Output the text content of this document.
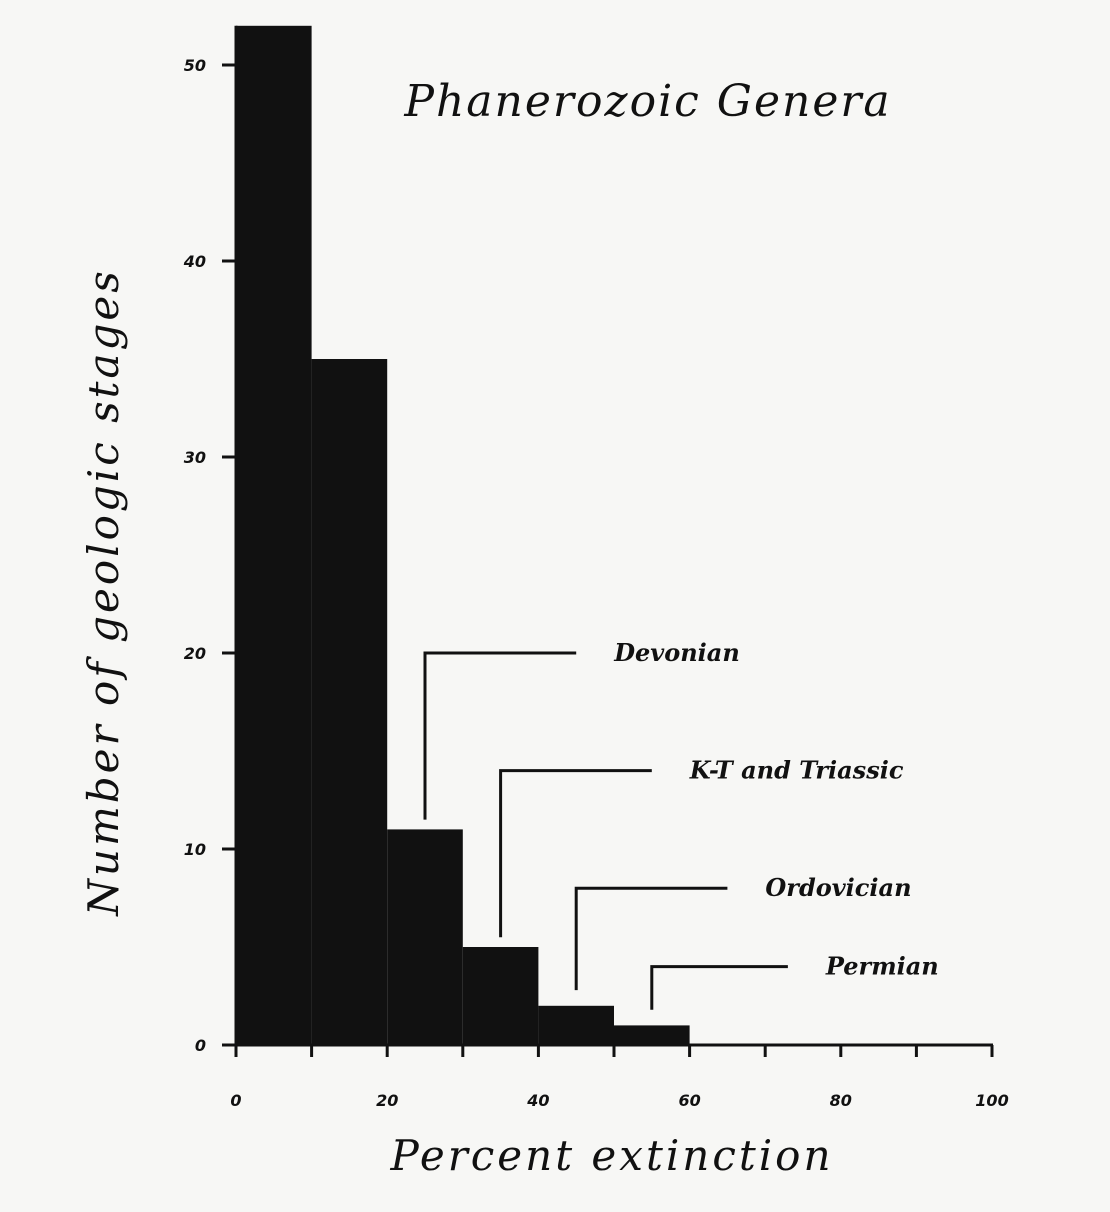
0	20	40	60	80	100
0
10
20
30
40
50
Devonian
K-T and Triassic
Ordovician
Permian
Phanerozoic Genera
Percent extinction
Number of geologic stages
